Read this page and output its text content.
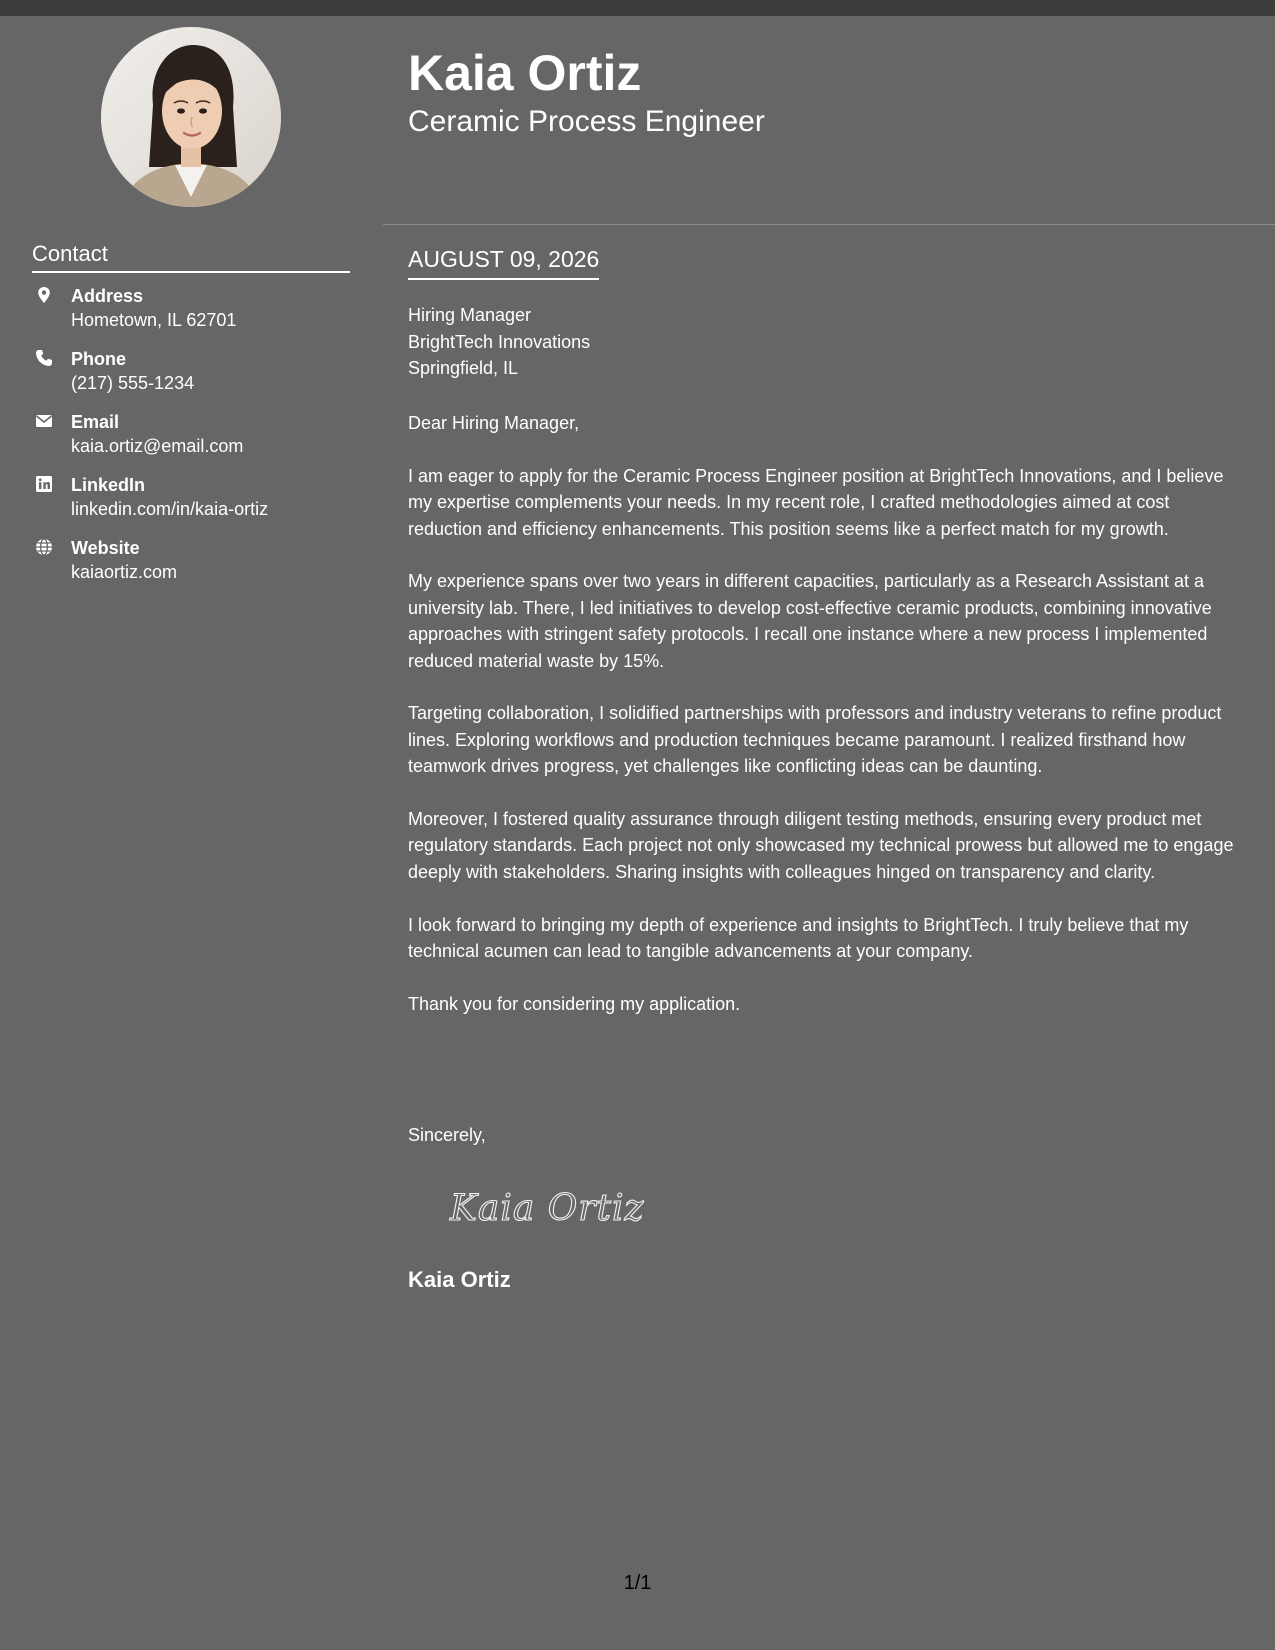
Kaia Ortiz
Ceramic Process Engineer
Contact
Address
Hometown, IL 62701
Phone
(217) 555-1234
Email
kaia.ortiz@email.com
LinkedIn
linkedin.com/in/kaia-ortiz
Website
kaiaortiz.com
AUGUST 09, 2026
Hiring Manager
BrightTech Innovations
Springfield, IL

Dear Hiring Manager,

I am eager to apply for the Ceramic Process Engineer position at BrightTech Innovations, and I believe my expertise complements your needs. In my recent role, I crafted methodologies aimed at cost reduction and efficiency enhancements. This position seems like a perfect match for my growth.

My experience spans over two years in different capacities, particularly as a Research Assistant at a university lab. There, I led initiatives to develop cost-effective ceramic products, combining innovative approaches with stringent safety protocols. I recall one instance where a new process I implemented reduced material waste by 15%.

Targeting collaboration, I solidified partnerships with professors and industry veterans to refine product lines. Exploring workflows and production techniques became paramount. I realized firsthand how teamwork drives progress, yet challenges like conflicting ideas can be daunting.

Moreover, I fostered quality assurance through diligent testing methods, ensuring every product met regulatory standards. Each project not only showcased my technical prowess but allowed me to engage deeply with stakeholders. Sharing insights with colleagues hinged on transparency and clarity.

I look forward to bringing my depth of experience and insights to BrightTech. I truly believe that my technical acumen can lead to tangible advancements at your company.

Thank you for considering my application.

Sincerely,
Kaia Ortiz
Kaia Ortiz
1/1
